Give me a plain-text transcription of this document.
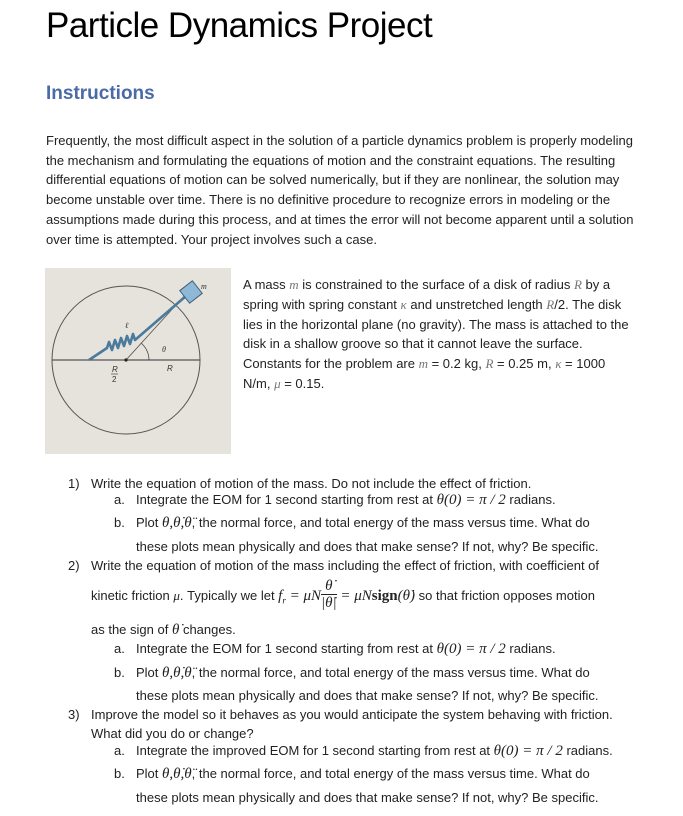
Particle Dynamics Project
Instructions

Frequently, the most difficult aspect in the solution of a particle dynamics problem is properly modeling the mechanism and formulating the equations of motion and the constraint equations. The resulting differential equations of motion can be solved numerically, but if they are nonlinear, the solution may become unstable over time. There is no definitive procedure to recognize errors in modeling or the assumptions made during this process, and at times the error will not become apparent until a solution over time is attempted. Your project involves such a case.

m
ℓ
θ
R
2
R

A mass m is constrained to the surface of a disk of radius R by a spring with spring constant κ and unstretched length R/2. The disk lies in the horizontal plane (no gravity). The mass is attached to the disk in a shallow groove so that it cannot leave the surface. Constants for the problem are m = 0.2 kg, R = 0.25 m, κ = 1000 N/m, μ = 0.15.

1) Write the equation of motion of the mass. Do not include the effect of friction.
a. Integrate the EOM for 1 second starting from rest at θ(0) = π / 2 radians.
b. Plot θ,θ̇,θ̈, the normal force, and total energy of the mass versus time. What do
these plots mean physically and does that make sense? If not, why? Be specific.
2) Write the equation of motion of the mass including the effect of friction, with coefficient of
kinetic friction μ. Typically we let $f_r = \mu N \frac{\thetȧ}{|\thetȧ|}$ = μNsign(θ̇) so that friction opposes motion
as the sign of θ̇ changes.
a. Integrate the EOM for 1 second starting from rest at θ(0) = π / 2 radians.
b. Plot θ,θ̇,θ̈, the normal force, and total energy of the mass versus time. What do
these plots mean physically and does that make sense? If not, why? Be specific.
3) Improve the model so it behaves as you would anticipate the system behaving with friction.
What did you do or change?
a. Integrate the improved EOM for 1 second starting from rest at θ(0) = π / 2 radians.
b. Plot θ,θ̇,θ̈, the normal force, and total energy of the mass versus time. What do
these plots mean physically and does that make sense? If not, why? Be specific.
